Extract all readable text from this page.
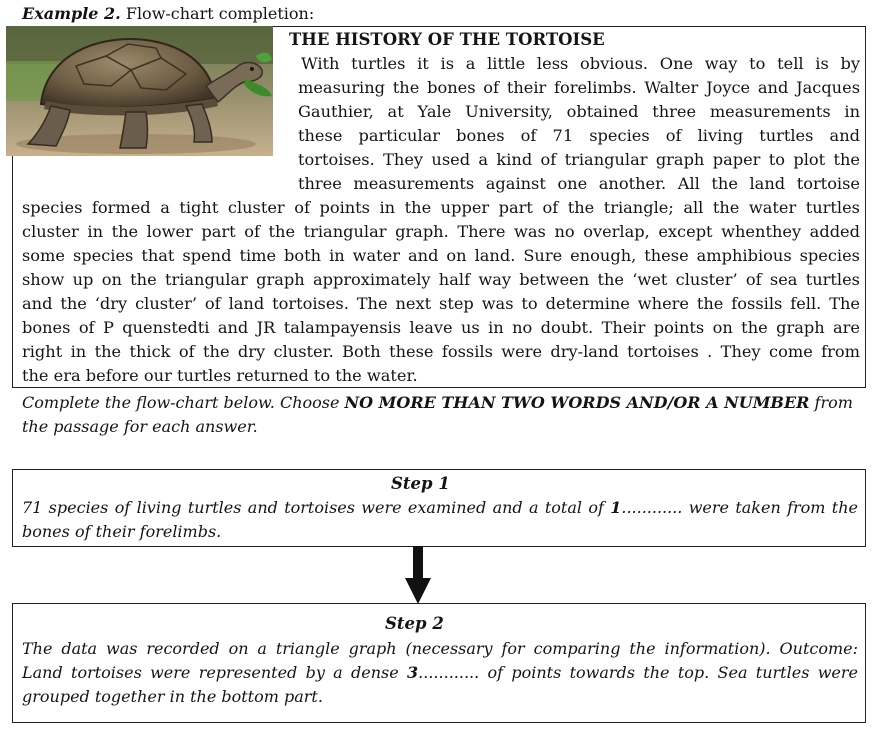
Example 2. Flow-chart completion:
THE HISTORY OF THE TORTOISE
With turtles it is a little less obvious. One way to tell is by
measuring the bones of their forelimbs. Walter Joyce and Jacques
Gauthier, at Yale University, obtained three measurements in
these particular bones of 71 species of living turtles and
tortoises. They used a kind of triangular graph paper to plot the
three measurements against one another. All the land tortoise
species formed a tight cluster of points in the upper part of the triangle; all the water turtles
cluster in the lower part of the triangular graph. There was no overlap, except whenthey added
some species that spend time both in water and on land. Sure enough, these amphibious species
show up on the triangular graph approximately half way between the ‘wet cluster’ of sea turtles
and the ‘dry cluster’ of land tortoises. The next step was to determine where the fossils fell. The
bones of P quenstedti and JR talampayensis leave us in no doubt. Their points on the graph are
right in the thick of the dry cluster. Both these fossils were dry-land tortoises . They come from
the era before our turtles returned to the water.
Complete the flow-chart below. Choose NO MORE THAN TWO WORDS AND/OR A NUMBER from the passage for each answer.
Step 1
71 species of living turtles and tortoises were examined and a total of 1............ were taken from the
bones of their forelimbs.
Step 2
The data was recorded on a triangle graph (necessary for comparing the information). Outcome:
Land tortoises were represented by a dense 3............ of points towards the top. Sea turtles were
grouped together in the bottom part.
